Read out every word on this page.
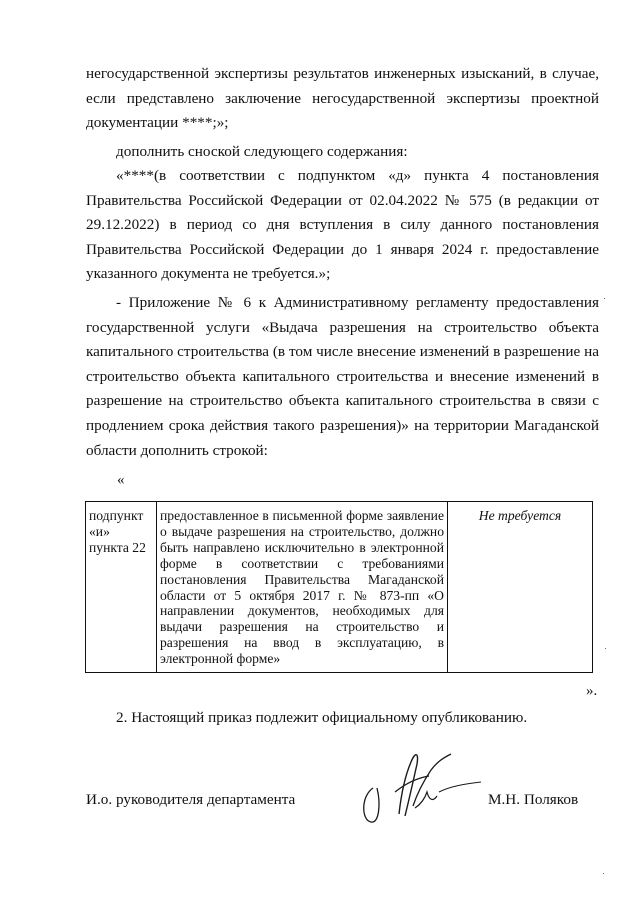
негосударственной экспертизы результатов инженерных изысканий, в случае, если представлено заключение негосударственной экспертизы проектной документации ****;»;

дополнить сноской следующего содержания:

«****(в соответствии с подпунктом «д» пункта 4 постановления Правительства Российской Федерации от 02.04.2022 № 575 (в редакции от 29.12.2022) в период со дня вступления в силу данного постановления Правительства Российской Федерации до 1 января 2024 г. предоставление указанного документа не требуется.»;

- Приложение № 6 к Административному регламенту предоставления государственной услуги «Выдача разрешения на строительство объекта капитального строительства (в том числе внесение изменений в разрешение на строительство объекта капитального строительства и внесение изменений в разрешение на строительство объекта капитального строительства в связи с продлением срока действия такого разрешения)» на территории Магаданской области дополнить строкой:

«
подпункт «и» пункта 22	предоставленное в письменной форме заявление о выдаче разрешения на строительство, должно быть направлено исключительно в электронной форме в соответствии с требованиями постановления Правительства Магаданской области от 5 октября 2017 г. № 873-пп «О направлении документов, необходимых для выдачи разрешения на строительство и разрешения на ввод в эксплуатацию, в электронной форме»	Не требуется
».
2. Настоящий приказ подлежит официальному опубликованию.
И.о. руководителя департамента	М.Н. Поляков
